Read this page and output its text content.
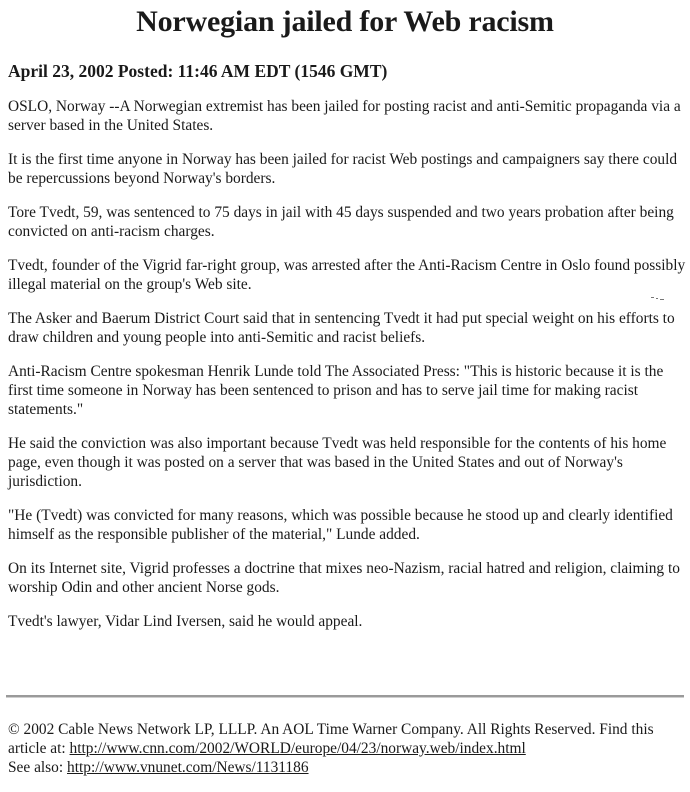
Norwegian jailed for Web racism

April 23, 2002 Posted: 11:46 AM EDT (1546 GMT)

OSLO, Norway --A Norwegian extremist has been jailed for posting racist and anti-Semitic propaganda via a server based in the United States.

It is the first time anyone in Norway has been jailed for racist Web postings and campaigners say there could be repercussions beyond Norway's borders.

Tore Tvedt, 59, was sentenced to 75 days in jail with 45 days suspended and two years probation after being convicted on anti-racism charges.

Tvedt, founder of the Vigrid far-right group, was arrested after the Anti-Racism Centre in Oslo found possibly illegal material on the group's Web site.

The Asker and Baerum District Court said that in sentencing Tvedt it had put special weight on his efforts to draw children and young people into anti-Semitic and racist beliefs.

Anti-Racism Centre spokesman Henrik Lunde told The Associated Press: "This is historic because it is the first time someone in Norway has been sentenced to prison and has to serve jail time for making racist statements."

He said the conviction was also important because Tvedt was held responsible for the contents of his home page, even though it was posted on a server that was based in the United States and out of Norway's jurisdiction.

"He (Tvedt) was convicted for many reasons, which was possible because he stood up and clearly identified himself as the responsible publisher of the material," Lunde added.

On its Internet site, Vigrid professes a doctrine that mixes neo-Nazism, racial hatred and religion, claiming to worship Odin and other ancient Norse gods.

Tvedt's lawyer, Vidar Lind Iversen, said he would appeal.

© 2002 Cable News Network LP, LLLP. An AOL Time Warner Company. All Rights Reserved. Find this article at: http://www.cnn.com/2002/WORLD/europe/04/23/norway.web/index.html

See also: http://www.vnunet.com/News/1131186
